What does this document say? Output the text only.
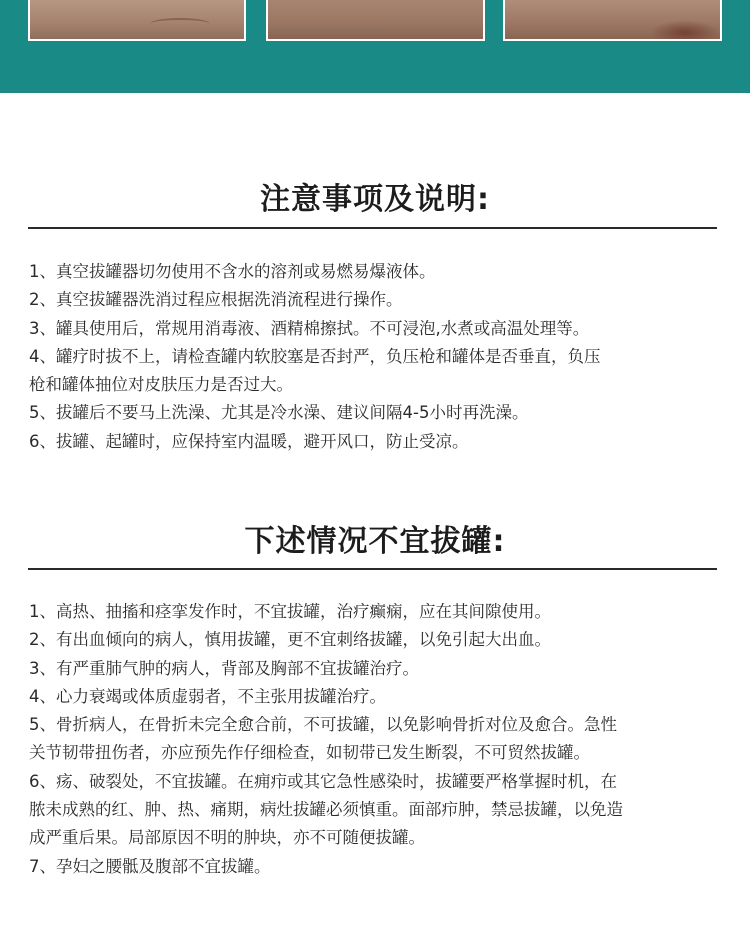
注意事项及说明:
1、真空拔罐器切勿使用不含水的溶剂或易燃易爆液体。
2、真空拔罐器洗消过程应根据洗消流程进行操作。
3、罐具使用后，常规用消毒液、酒精棉擦拭。不可浸泡,水煮或高温处理等。
4、罐疗时拔不上，请检查罐内软胶塞是否封严，负压枪和罐体是否垂直，负压
枪和罐体抽位对皮肤压力是否过大。
5、拔罐后不要马上洗澡、尤其是冷水澡、建议间隔4-5小时再洗澡。
6、拔罐、起罐时，应保持室内温暖，避开风口，防止受凉。
下述情况不宜拔罐:
1、高热、抽搐和痉挛发作时，不宜拔罐，治疗癫痫，应在其间隙使用。
2、有出血倾向的病人，慎用拔罐，更不宜刺络拔罐，以免引起大出血。
3、有严重肺气肿的病人，背部及胸部不宜拔罐治疗。
4、心力衰竭或体质虚弱者，不主张用拔罐治疗。
5、骨折病人，在骨折未完全愈合前，不可拔罐，以免影响骨折对位及愈合。急性
关节韧带扭伤者，亦应预先作仔细检查，如韧带已发生断裂，不可贸然拔罐。
6、疡、破裂处，不宜拔罐。在痈疖或其它急性感染时，拔罐要严格掌握时机，在
脓未成熟的红、肿、热、痛期，病灶拔罐必须慎重。面部疖肿，禁忌拔罐，以免造
成严重后果。局部原因不明的肿块，亦不可随便拔罐。
7、孕妇之腰骶及腹部不宜拔罐。
